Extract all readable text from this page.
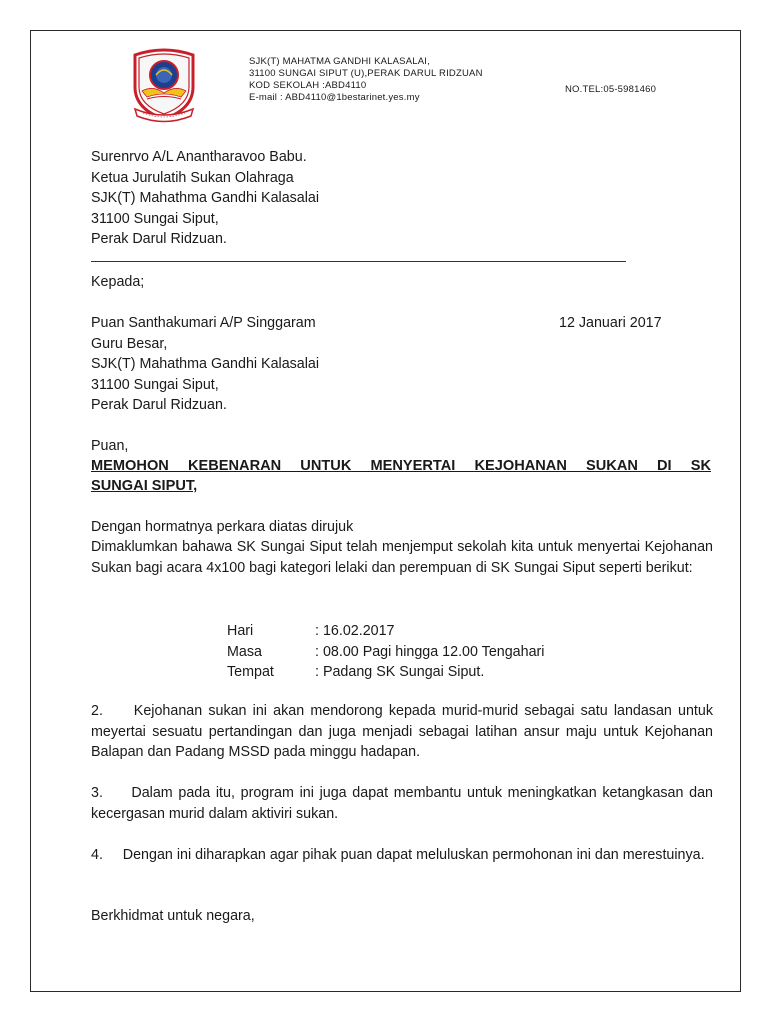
SJK(T) MAHATMA GANDHI KALASALAI,
31100 SUNGAI SIPUT (U),PERAK DARUL RIDZUAN
KOD SEKOLAH :ABD4110
E-mail : ABD4110@1bestarinet.yes.my
NO.TEL:05-5981460
Surenrvo A/L Anantharavoo Babu.
Ketua Jurulatih Sukan Olahraga
SJK(T) Mahathma Gandhi Kalasalai
31100 Sungai Siput,
Perak Darul Ridzuan.
Kepada;
Puan Santhakumari A/P Singgaram
Guru Besar,
SJK(T) Mahathma Gandhi Kalasalai
31100 Sungai Siput,
Perak Darul Ridzuan.
12 Januari 2017
Puan,
MEMOHON KEBENARAN UNTUK MENYERTAI KEJOHANAN SUKAN DI SK
SUNGAI SIPUT,
Dengan hormatnya perkara diatas dirujuk
Dimaklumkan bahawa SK Sungai Siput telah menjemput sekolah kita untuk menyertai Kejohanan Sukan bagi acara 4x100 bagi kategori lelaki dan perempuan di SK Sungai Siput seperti berikut:
Hari	: 16.02.2017
Masa	: 08.00 Pagi hingga 12.00 Tengahari
Tempat	: Padang SK Sungai Siput.
2.     Kejohanan sukan ini akan mendorong kepada murid-murid sebagai satu landasan untuk meyertai sesuatu pertandingan dan juga menjadi sebagai latihan ansur maju untuk Kejohanan Balapan dan Padang MSSD pada minggu hadapan.
3.     Dalam pada itu, program ini juga dapat membantu untuk meningkatkan ketangkasan dan kecergasan murid dalam aktiviri sukan.
4.     Dengan ini diharapkan agar pihak puan dapat meluluskan permohonan ini dan merestuinya.
Berkhidmat untuk negara,
